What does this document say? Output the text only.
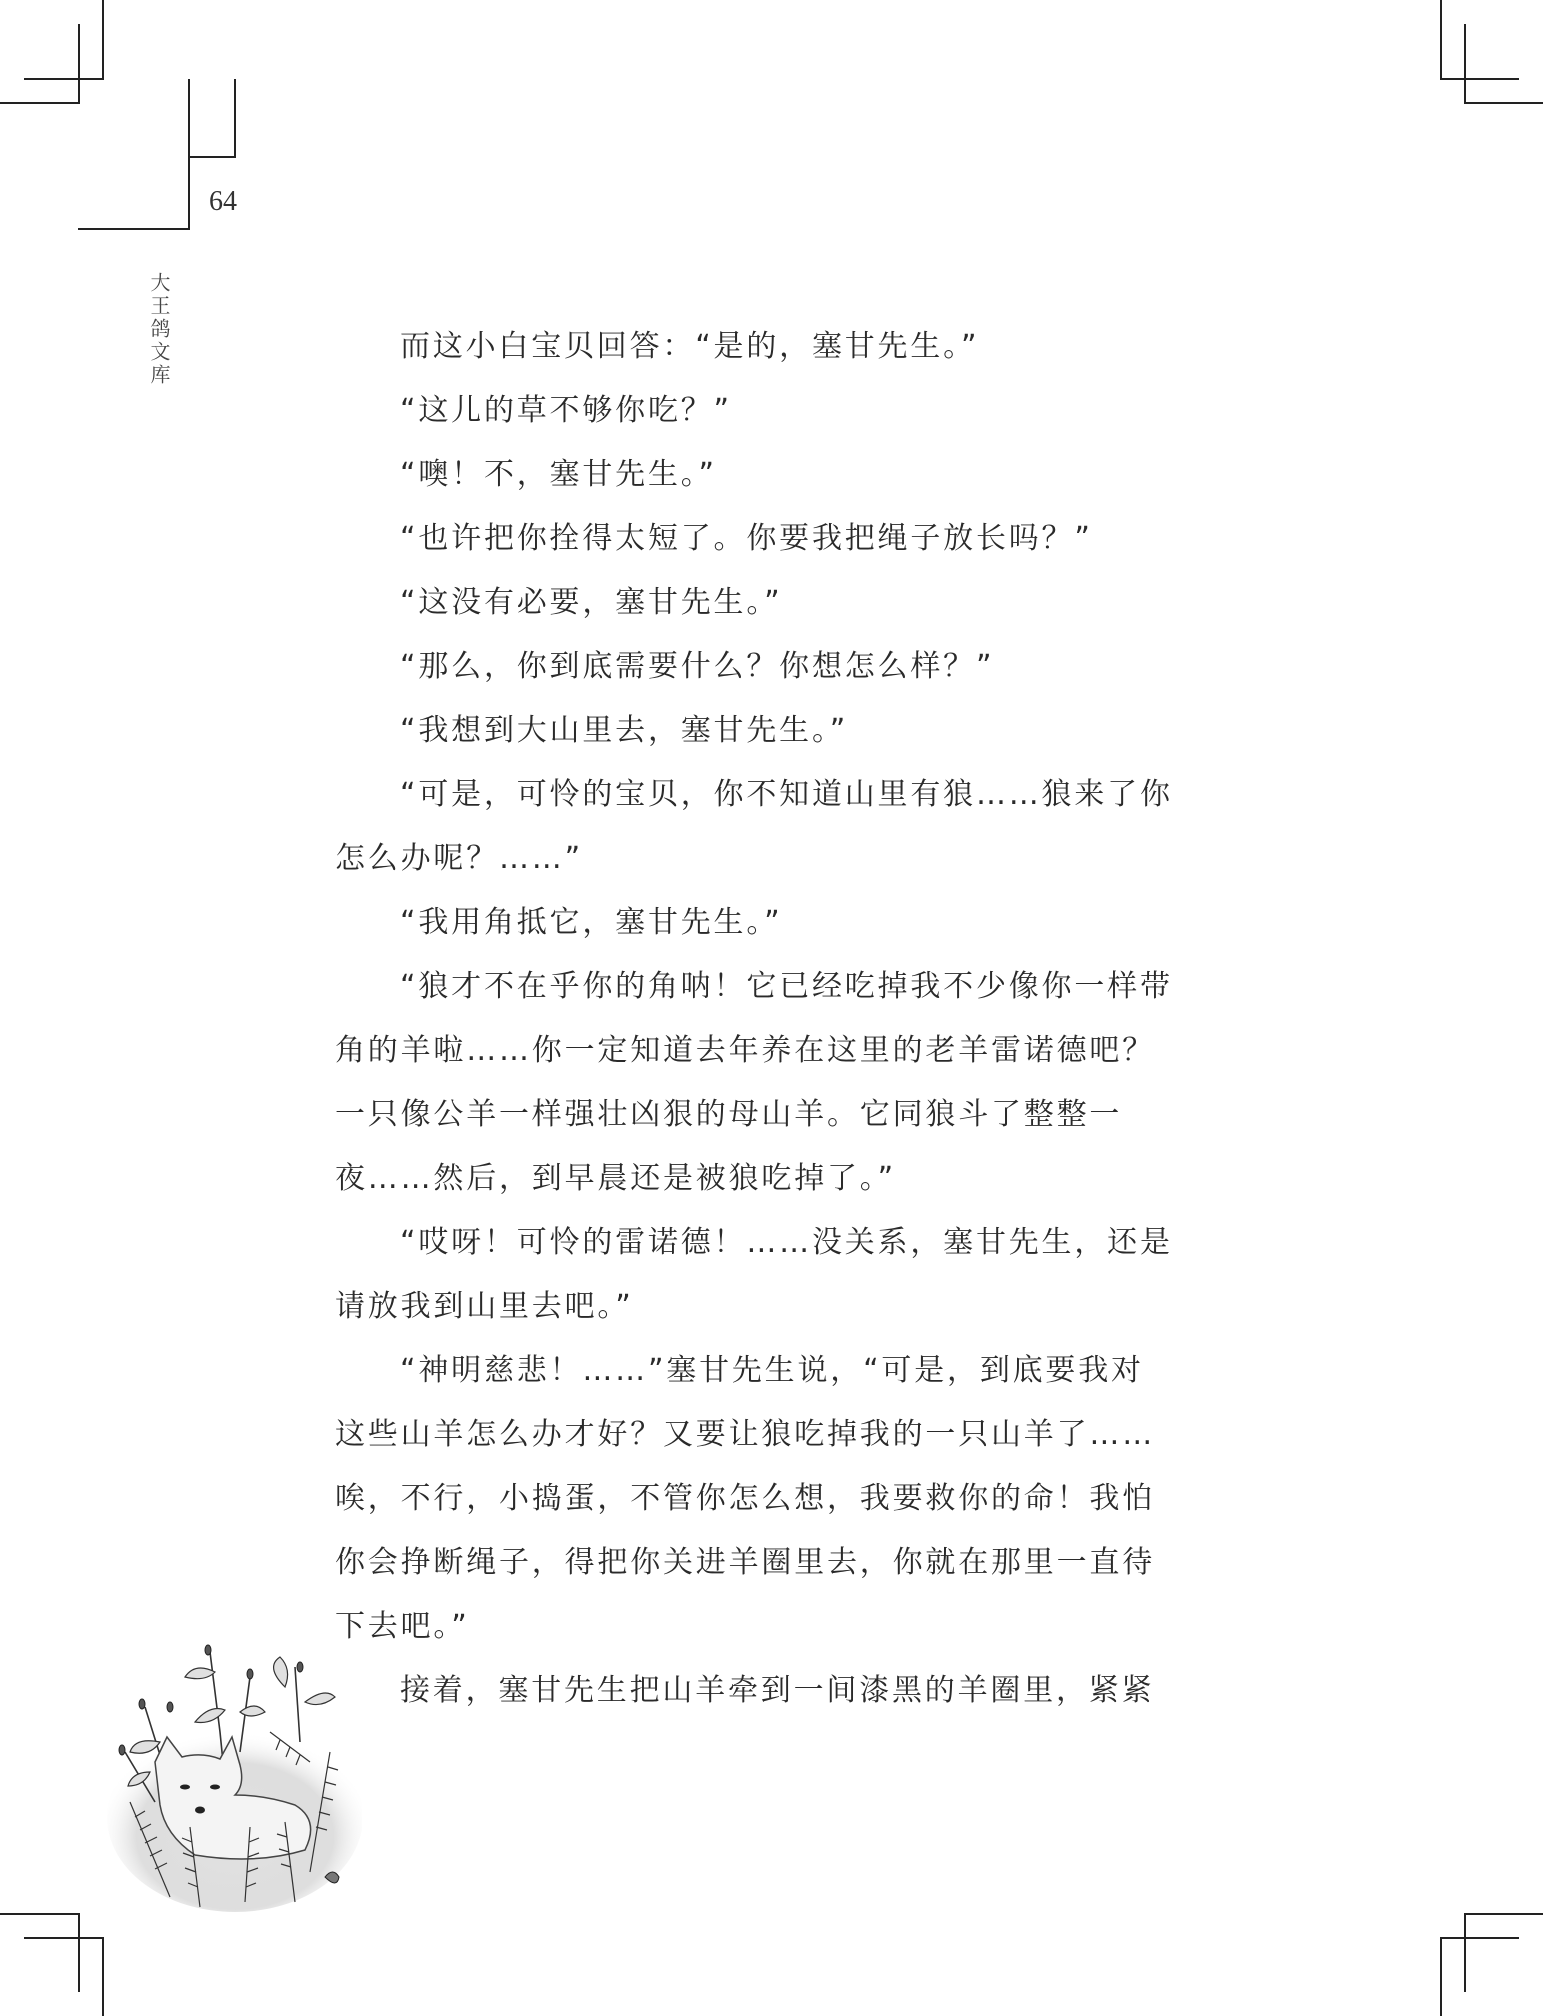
64
大王鸽文库	而这小白宝贝回答：“是的，塞甘先生。”

“这儿的草不够你吃？”

“噢！不，塞甘先生。”

“也许把你拴得太短了。你要我把绳子放长吗？”

“这没有必要，塞甘先生。”

“那么，你到底需要什么？你想怎么样？”

“我想到大山里去，塞甘先生。”

“可是，可怜的宝贝，你不知道山里有狼……狼来了你

怎么办呢？……”

“我用角抵它，塞甘先生。”

“狼才不在乎你的角呐！它已经吃掉我不少像你一样带

角的羊啦……你一定知道去年养在这里的老羊雷诺德吧？

一只像公羊一样强壮凶狠的母山羊。它同狼斗了整整一

夜……然后，到早晨还是被狼吃掉了。”

“哎呀！可怜的雷诺德！……没关系，塞甘先生，还是

请放我到山里去吧。”

“神明慈悲！……”塞甘先生说，“可是，到底要我对

这些山羊怎么办才好？又要让狼吃掉我的一只山羊了……

唉，不行，小捣蛋，不管你怎么想，我要救你的命！我怕

你会挣断绳子，得把你关进羊圈里去，你就在那里一直待

下去吧。”

接着，塞甘先生把山羊牵到一间漆黑的羊圈里，紧紧
